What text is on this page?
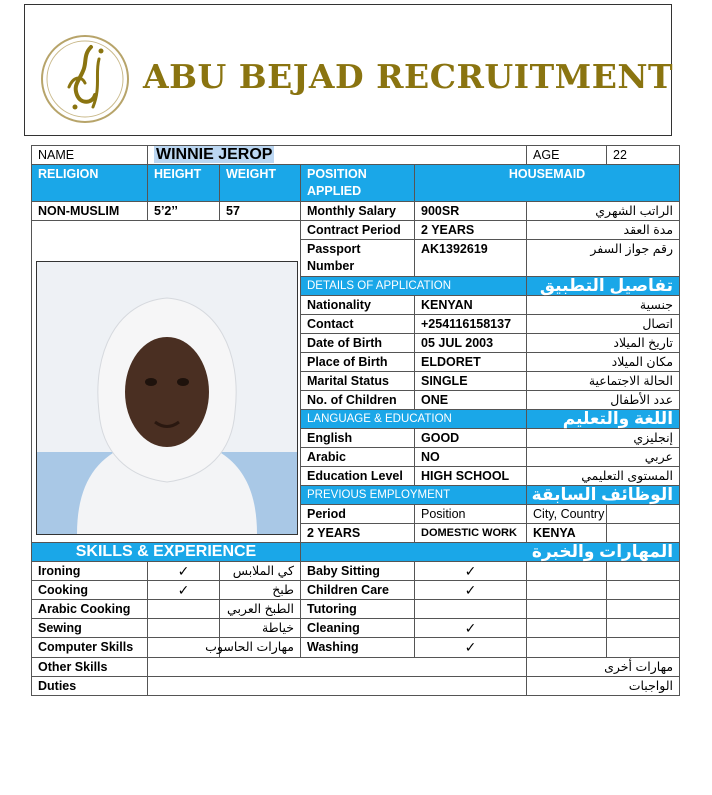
ABU BEJAD RECRUITMENT
NAME	WINNIE JEROP				AGE	22
RELIGION	HEIGHT	WEIGHT	POSITION APPLIED	HOUSEMAID		
NON-MUSLIM	5’2’’	57	Monthly Salary	900SR	الراتب الشهري	

	Contract Period	2 YEARS	مدة العقد	
			Passport Number	AK1392619	رقم جواز السفر	
			DETAILS OF APPLICATION		تفاصيل التطبيق	
			Nationality	KENYAN	جنسية	
			Contact	+254116158137	اتصال	
			Date of Birth	05 JUL 2003	تاريخ الميلاد	
			Place of Birth	ELDORET	مكان الميلاد	
			Marital Status	SINGLE	الحالة الاجتماعية	
			No. of Children	ONE	عدد الأطفال	
			LANGUAGE & EDUCATION		اللغة والتعليم	
			English	GOOD	إنجليزي	
			Arabic	NO	عربي	
			Education Level	HIGH SCHOOL	المستوى التعليمي	
			PREVIOUS EMPLOYMENT		الوظائف السابقة	
			Period	Position	City, Country	
			2 YEARS	DOMESTIC WORK	KENYA	
SKILLS & EXPERIENCE			المهارات والخبرة			
Ironing	✓	كي الملابس	Baby Sitting	✓		
Cooking	✓	طبخ	Children Care	✓		
Arabic Cooking		الطبخ العربي	Tutoring			
Sewing		خياطة	Cleaning	✓		
Computer Skills		مهارات الحاسوب	Washing	✓		
Other Skills					مهارات أخرى	
Duties					الواجبات	
